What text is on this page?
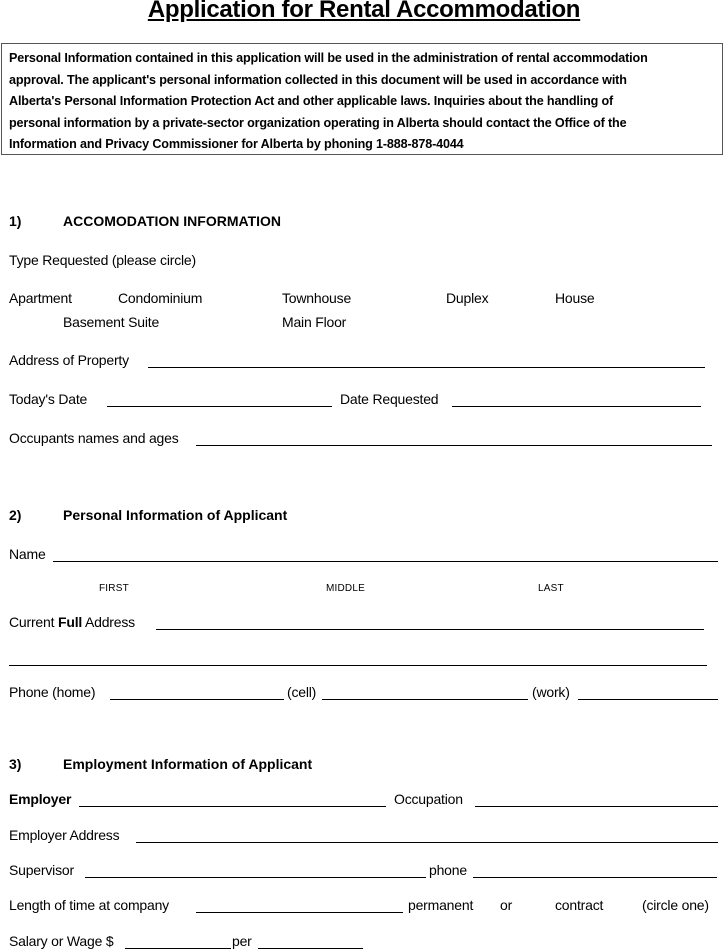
Application for Rental Accommodation
Personal Information contained in this application will be used in the administration of rental accommodation
approval. The applicant's personal information collected in this document will be used in accordance with
Alberta's Personal Information Protection Act and other applicable laws. Inquiries about the handling of
personal information by a private-sector organization operating in Alberta should contact the Office of the
Information and Privacy Commissioner for Alberta by phoning 1-888-878-4044
1)	ACCOMODATION INFORMATION
Type Requested (please circle)
Apartment	Condominium	Townhouse	Duplex	House
Basement Suite	Main Floor
Address of Property
Today's Date	Date Requested
Occupants names and ages
2)	Personal Information of Applicant
Name
FIRST	MIDDLE	LAST
Current Full Address
Phone (home)	(cell)	(work)
3)	Employment Information of Applicant
Employer	Occupation
Employer Address
Supervisor	phone
Length of time at company	permanent or	contract	(circle one)
Salary or Wage $	per
